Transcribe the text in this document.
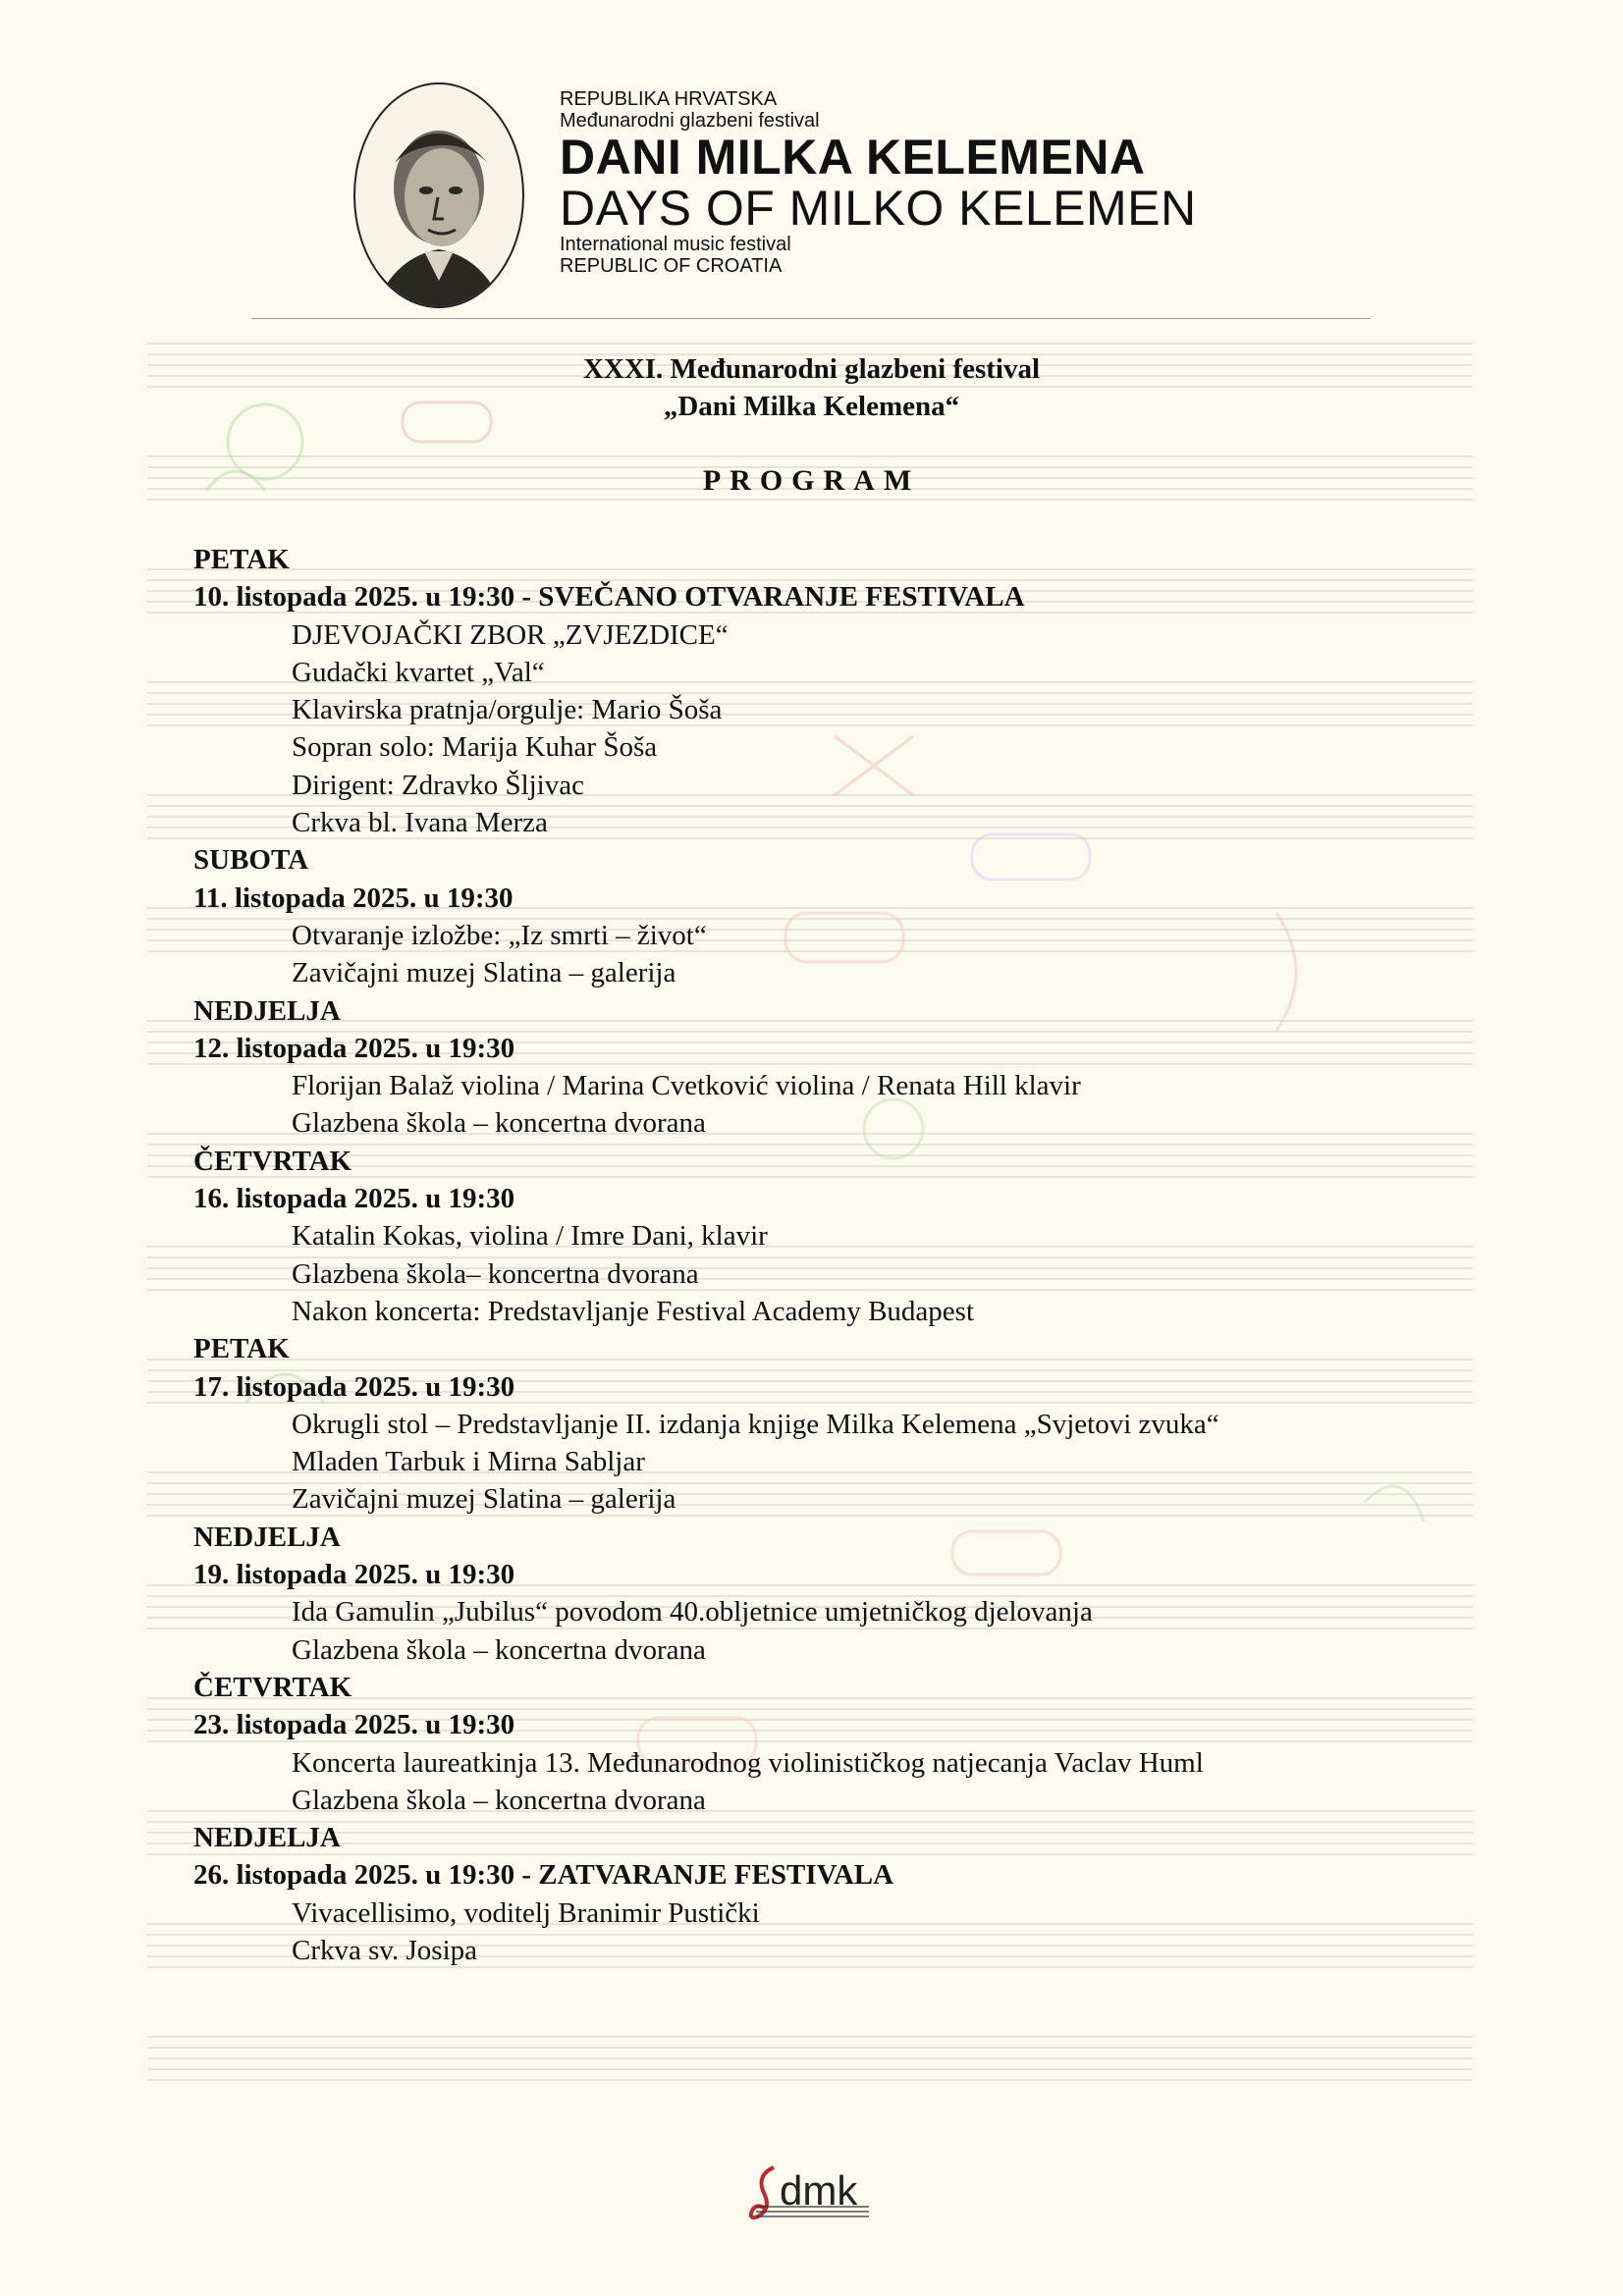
REPUBLIKA HRVATSKA
Međunarodni glazbeni festival
DANI MILKA KELEMENA
DAYS OF MILKO KELEMEN
International music festival
REPUBLIC OF CROATIA
XXXI. Međunarodni glazbeni festival
„Dani Milka Kelemena“
PROGRAM
PETAK
10. listopada 2025. u 19:30 - SVEČANO OTVARANJE FESTIVALA
DJEVOJAČKI ZBOR „ZVJEZDICE“
Gudački kvartet „Val“
Klavirska pratnja/orgulje: Mario Šoša
Sopran solo: Marija Kuhar Šoša
Dirigent: Zdravko Šljivac
Crkva bl. Ivana Merza
SUBOTA
11. listopada 2025. u 19:30
Otvaranje izložbe: „Iz smrti – život“
Zavičajni muzej Slatina – galerija
NEDJELJA
12. listopada 2025. u 19:30
Florijan Balaž violina / Marina Cvetković violina / Renata Hill klavir
Glazbena škola – koncertna dvorana
ČETVRTAK
16. listopada 2025. u 19:30
Katalin Kokas, violina / Imre Dani, klavir
Glazbena škola– koncertna dvorana
Nakon koncerta: Predstavljanje Festival Academy Budapest
PETAK
17. listopada 2025. u 19:30
Okrugli stol – Predstavljanje II. izdanja knjige Milka Kelemena „Svjetovi zvuka“
Mladen Tarbuk i Mirna Sabljar
Zavičajni muzej Slatina – galerija
NEDJELJA
19. listopada 2025. u 19:30
Ida Gamulin „Jubilus“ povodom 40.obljetnice umjetničkog djelovanja
Glazbena škola – koncertna dvorana
ČETVRTAK
23. listopada 2025. u 19:30
Koncerta laureatkinja 13. Međunarodnog violinističkog natjecanja Vaclav Huml
Glazbena škola – koncertna dvorana
NEDJELJA
26. listopada 2025. u 19:30 - ZATVARANJE FESTIVALA
Vivacellisimo, voditelj Branimir Pustički
Crkva sv. Josipa
dmk
